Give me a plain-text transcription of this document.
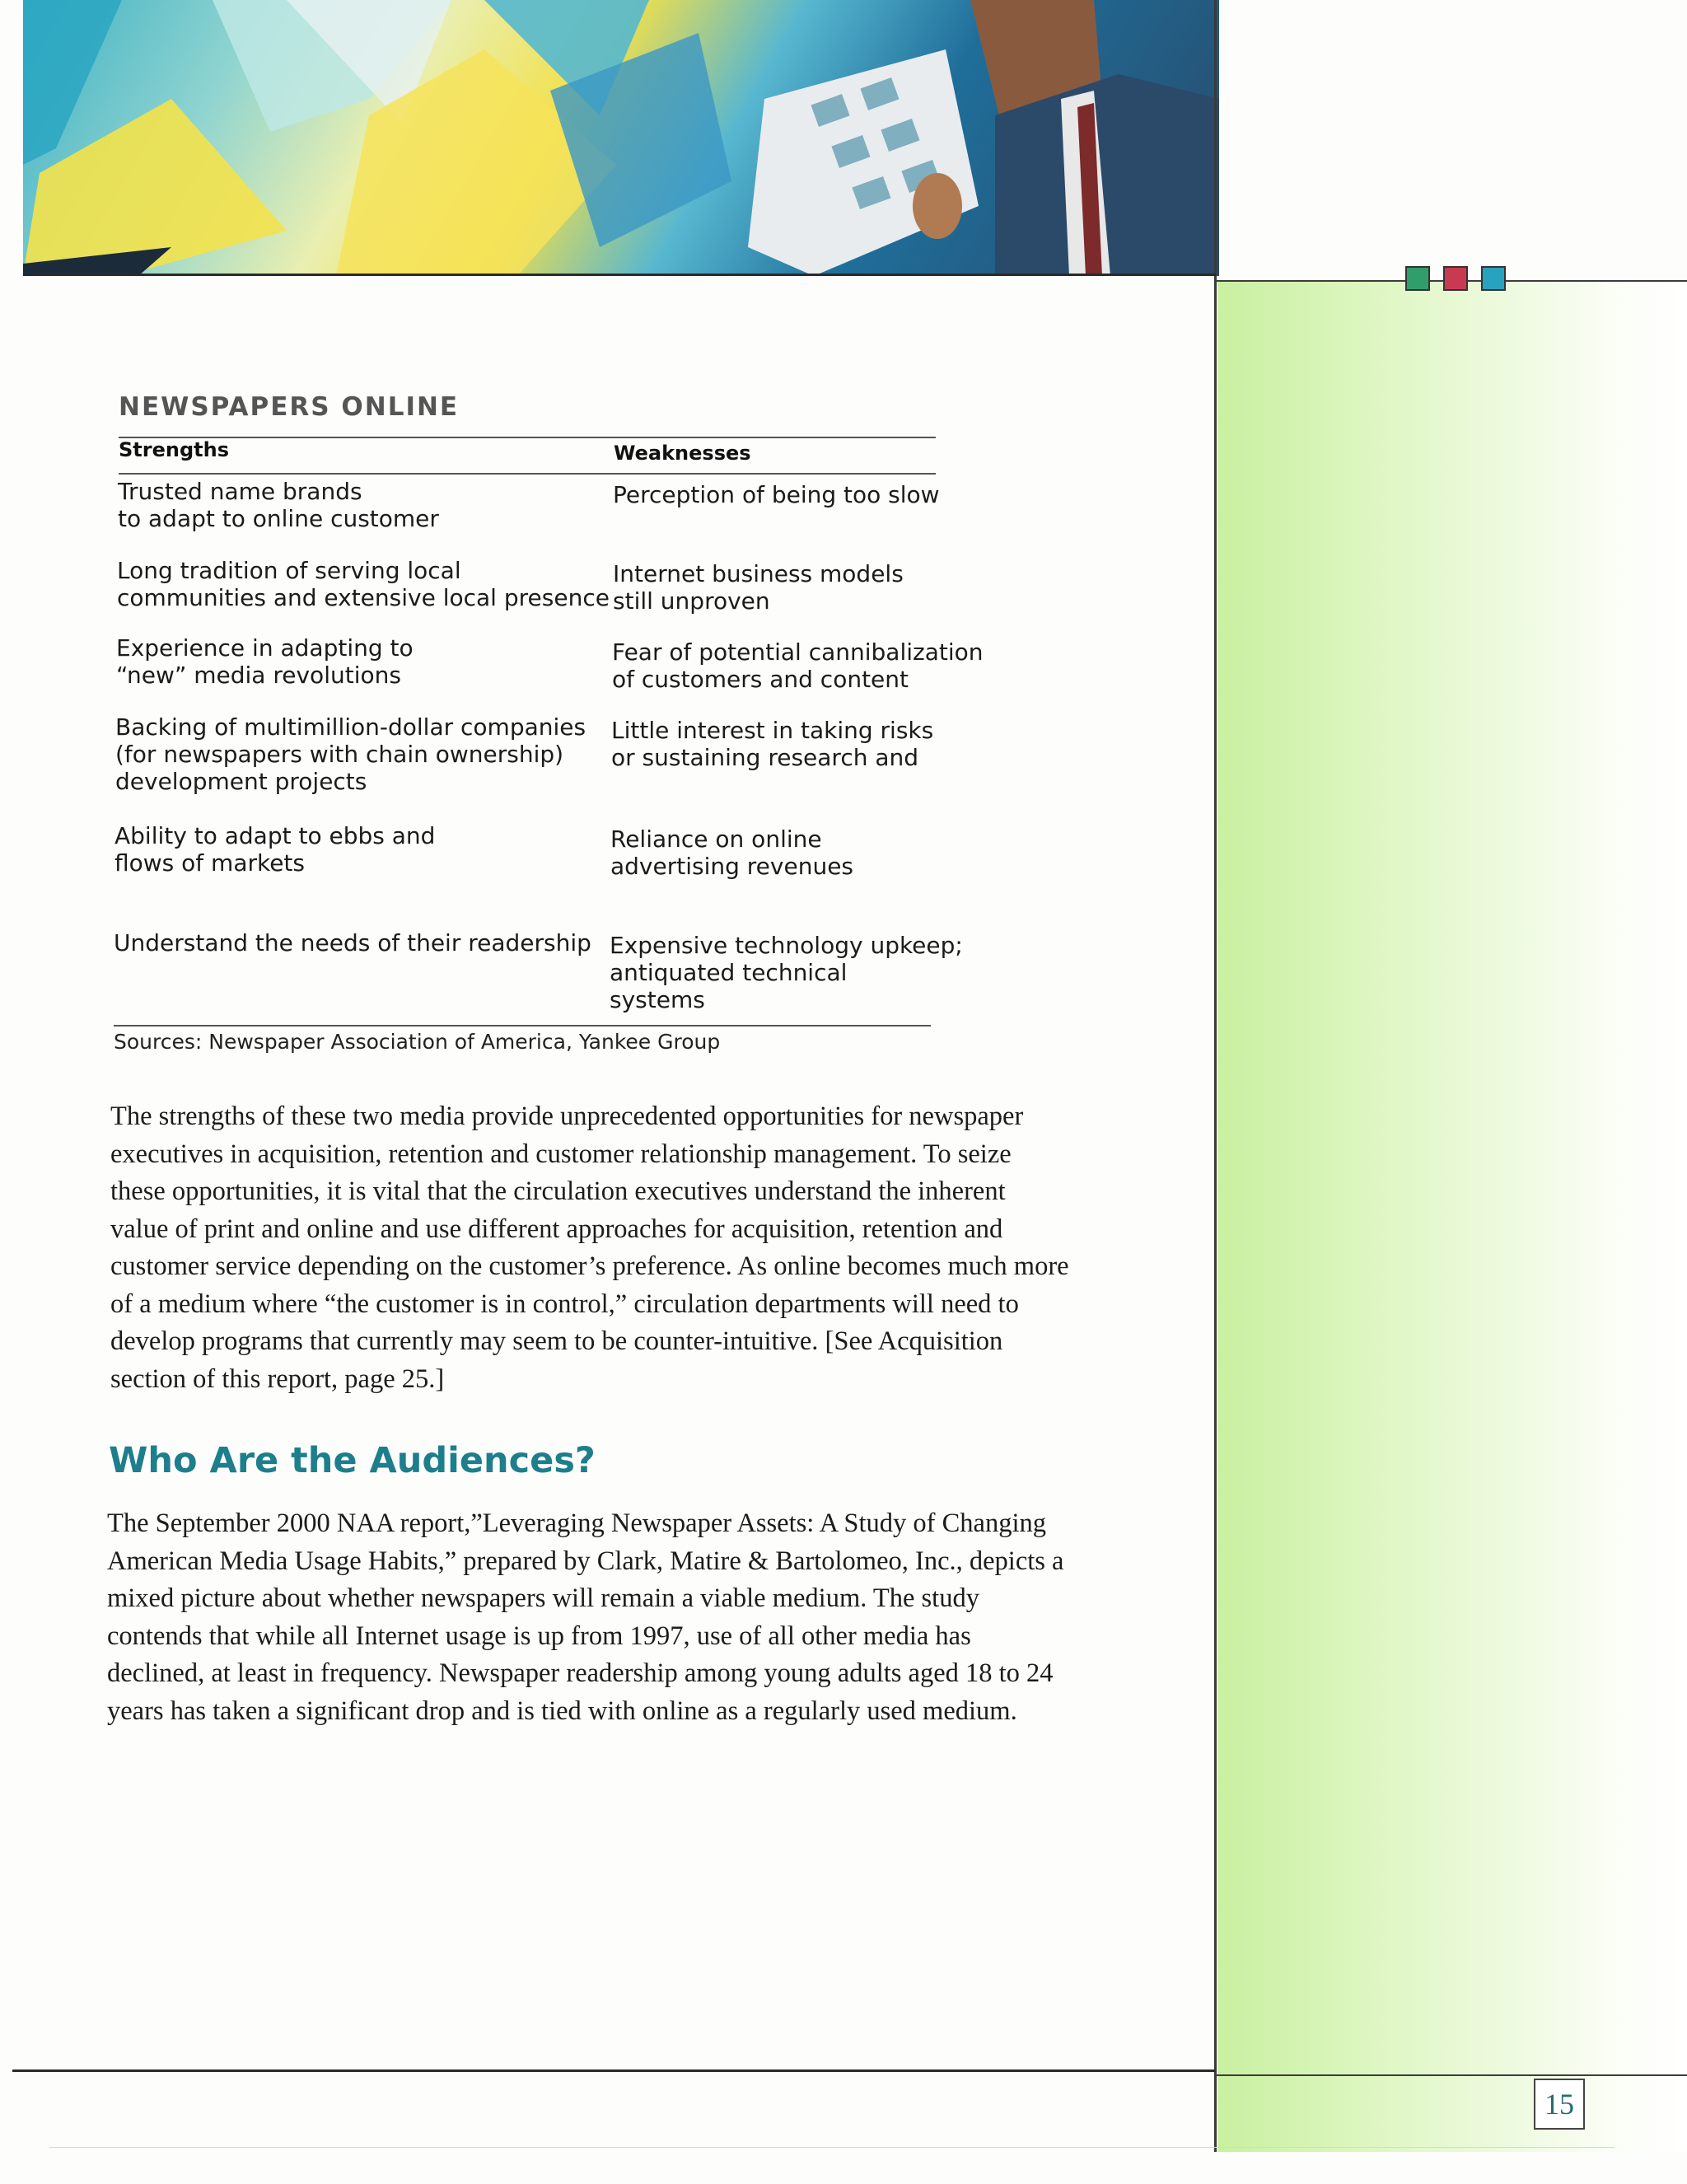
NEWSPAPERS ONLINE
Strengths	Weaknesses
Trusted name brands
to adapt to online customer
Long tradition of serving local
communities and extensive local presence
Experience in adapting to
“new” media revolutions
Backing of multimillion-dollar companies
(for newspapers with chain ownership)
development projects
Ability to adapt to ebbs and
flows of markets
Understand the needs of their readership
Perception of being too slow
Internet business models
still unproven
Fear of potential cannibalization
of customers and content
Little interest in taking risks
or sustaining research and
Reliance on online
advertising revenues
Expensive technology upkeep;
antiquated technical
systems
Sources: Newspaper Association of America, Yankee Group
The strengths of these two media provide unprecedented opportunities for newspaper
executives in acquisition, retention and customer relationship management. To seize
these opportunities, it is vital that the circulation executives understand the inherent
value of print and online and use different approaches for acquisition, retention and
customer service depending on the customer’s preference. As online becomes much more
of a medium where “the customer is in control,” circulation departments will need to
develop programs that currently may seem to be counter-intuitive. [See Acquisition
section of this report, page 25.]
Who Are the Audiences?
The September 2000 NAA report,”Leveraging Newspaper Assets: A Study of Changing
American Media Usage Habits,” prepared by Clark, Matire & Bartolomeo, Inc., depicts a
mixed picture about whether newspapers will remain a viable medium. The study
contends that while all Internet usage is up from 1997, use of all other media has
declined, at least in frequency. Newspaper readership among young adults aged 18 to 24
years has taken a significant drop and is tied with online as a regularly used medium.
15
